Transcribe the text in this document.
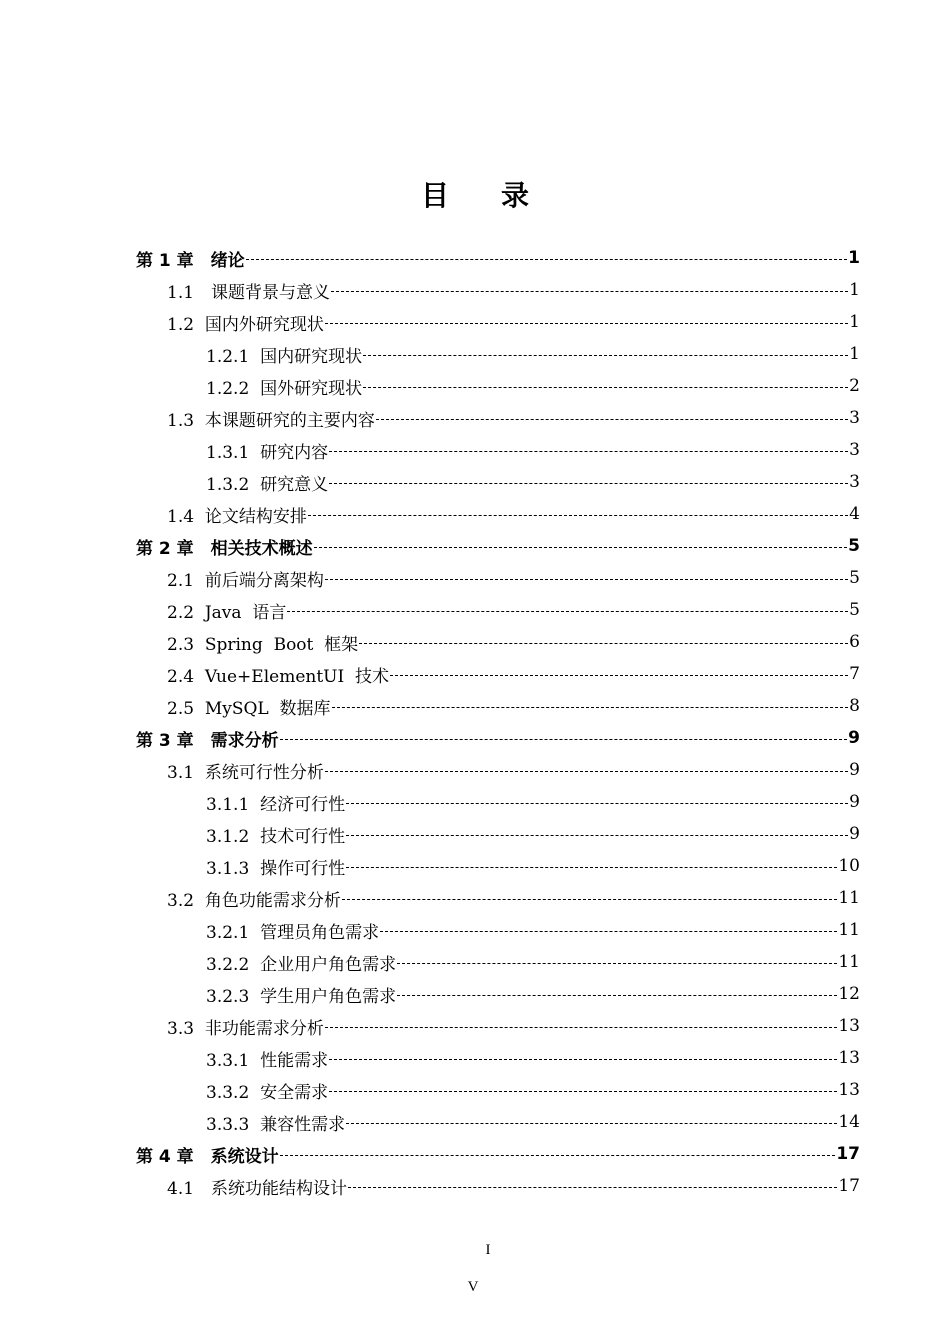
目录
第 1 章　绪论	1
1.1　课题背景与意义	1
1.2  国内外研究现状	1
1.2.1  国内研究现状	1
1.2.2  国外研究现状	2
1.3  本课题研究的主要内容	3
1.3.1  研究内容	3
1.3.2  研究意义	3
1.4  论文结构安排	4
第 2 章　相关技术概述	5
2.1  前后端分离架构	5
2.2  Java  语言	5
2.3  Spring  Boot  框架	6
2.4  Vue+ElementUI  技术	7
2.5  MySQL  数据库	8
第 3 章　需求分析	9
3.1  系统可行性分析	9
3.1.1  经济可行性	9
3.1.2  技术可行性	9
3.1.3  操作可行性	10
3.2  角色功能需求分析	11
3.2.1  管理员角色需求	11
3.2.2  企业用户角色需求	11
3.2.3  学生用户角色需求	12
3.3  非功能需求分析	13
3.3.1  性能需求	13
3.3.2  安全需求	13
3.3.3  兼容性需求	14
第 4 章　系统设计	17
4.1　系统功能结构设计	17
I
V
